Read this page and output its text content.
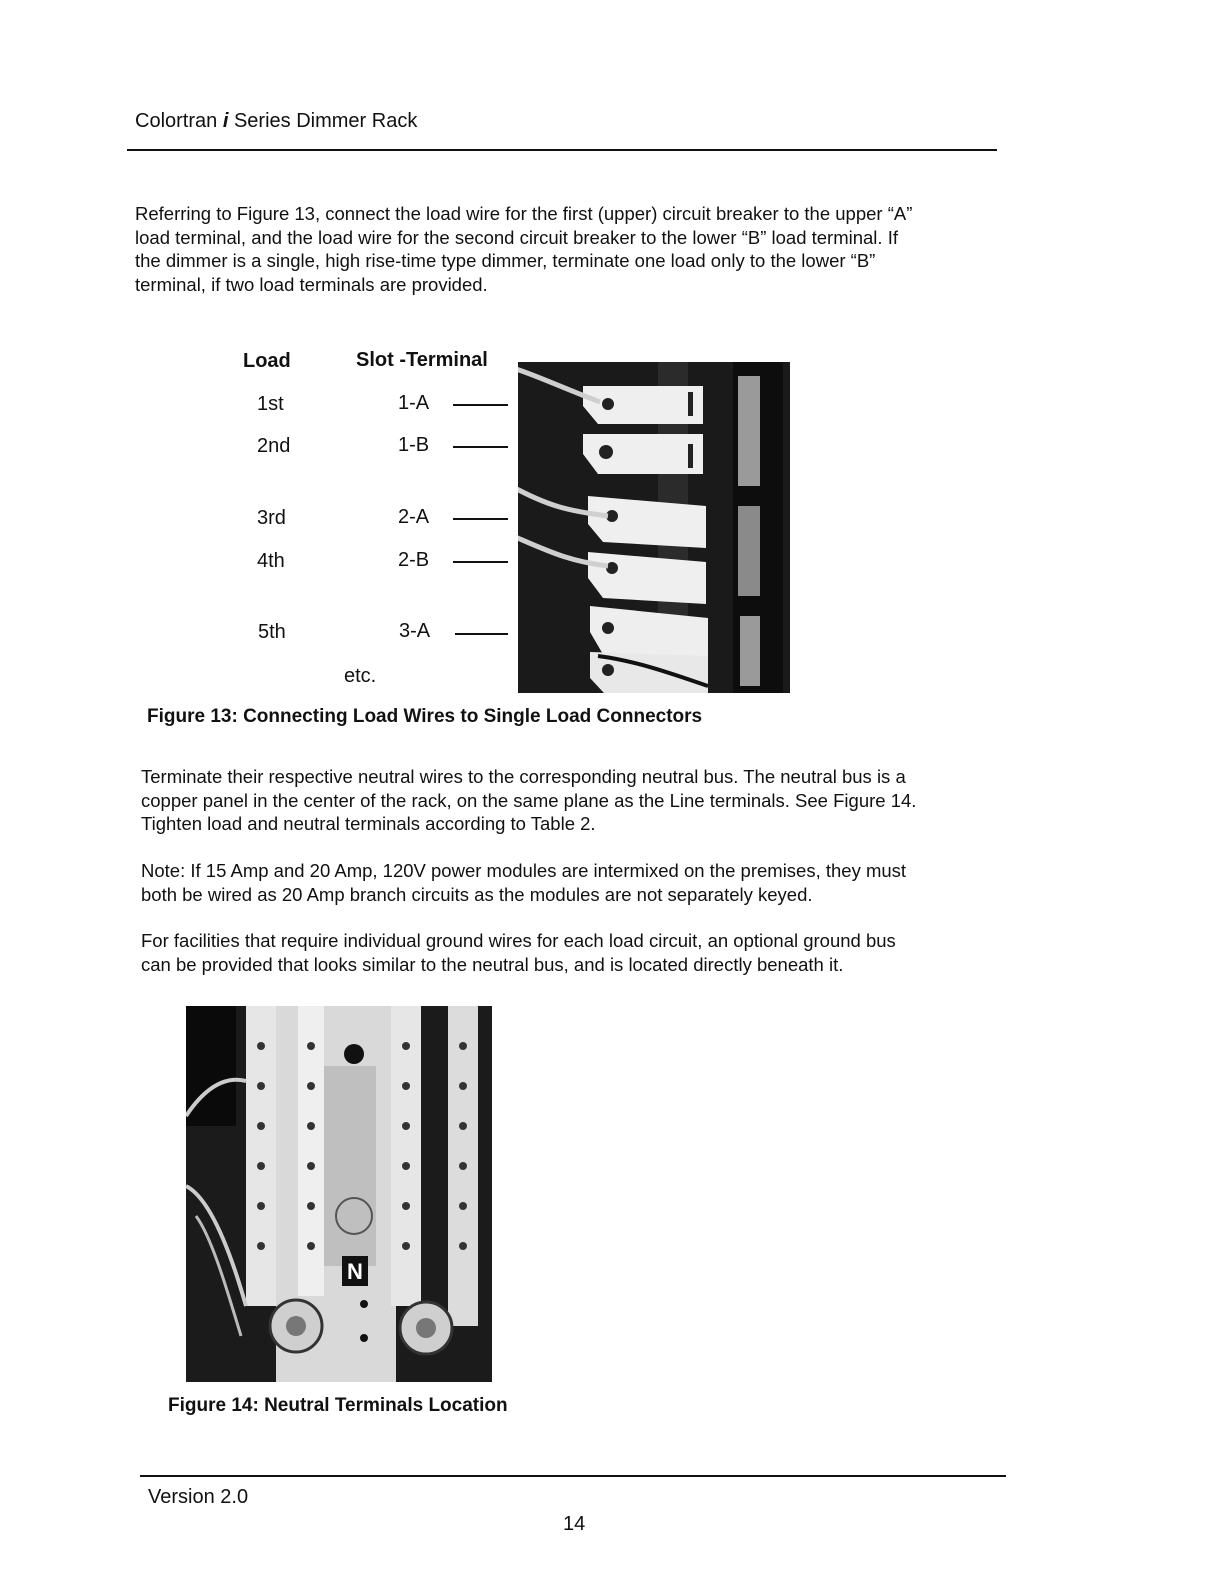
Colortran i Series Dimmer Rack
Referring to Figure 13, connect the load wire for the first (upper) circuit breaker to the upper “A”
load terminal, and the load wire for the second circuit breaker to the lower “B” load terminal. If
the dimmer is a single, high rise-time type dimmer, terminate one load only to the lower “B”
terminal, if two load terminals are provided.
Load	Slot -Terminal
1st	1-A
2nd	1-B
3rd	2-A
4th	2-B
5th	3-A
etc.
Figure 13: Connecting Load Wires to Single Load Connectors
Terminate their respective neutral wires to the corresponding neutral bus. The neutral bus is a
copper panel in the center of the rack, on the same plane as the Line terminals. See Figure 14.
Tighten load and neutral terminals according to Table 2.
Note: If 15 Amp and 20 Amp, 120V power modules are intermixed on the premises, they must
both be wired as 20 Amp branch circuits as the modules are not separately keyed.
For facilities that require individual ground wires for each load circuit, an optional ground bus
can be provided that looks similar to the neutral bus, and is located directly beneath it.
N
Figure 14: Neutral Terminals Location
Version 2.0
14
